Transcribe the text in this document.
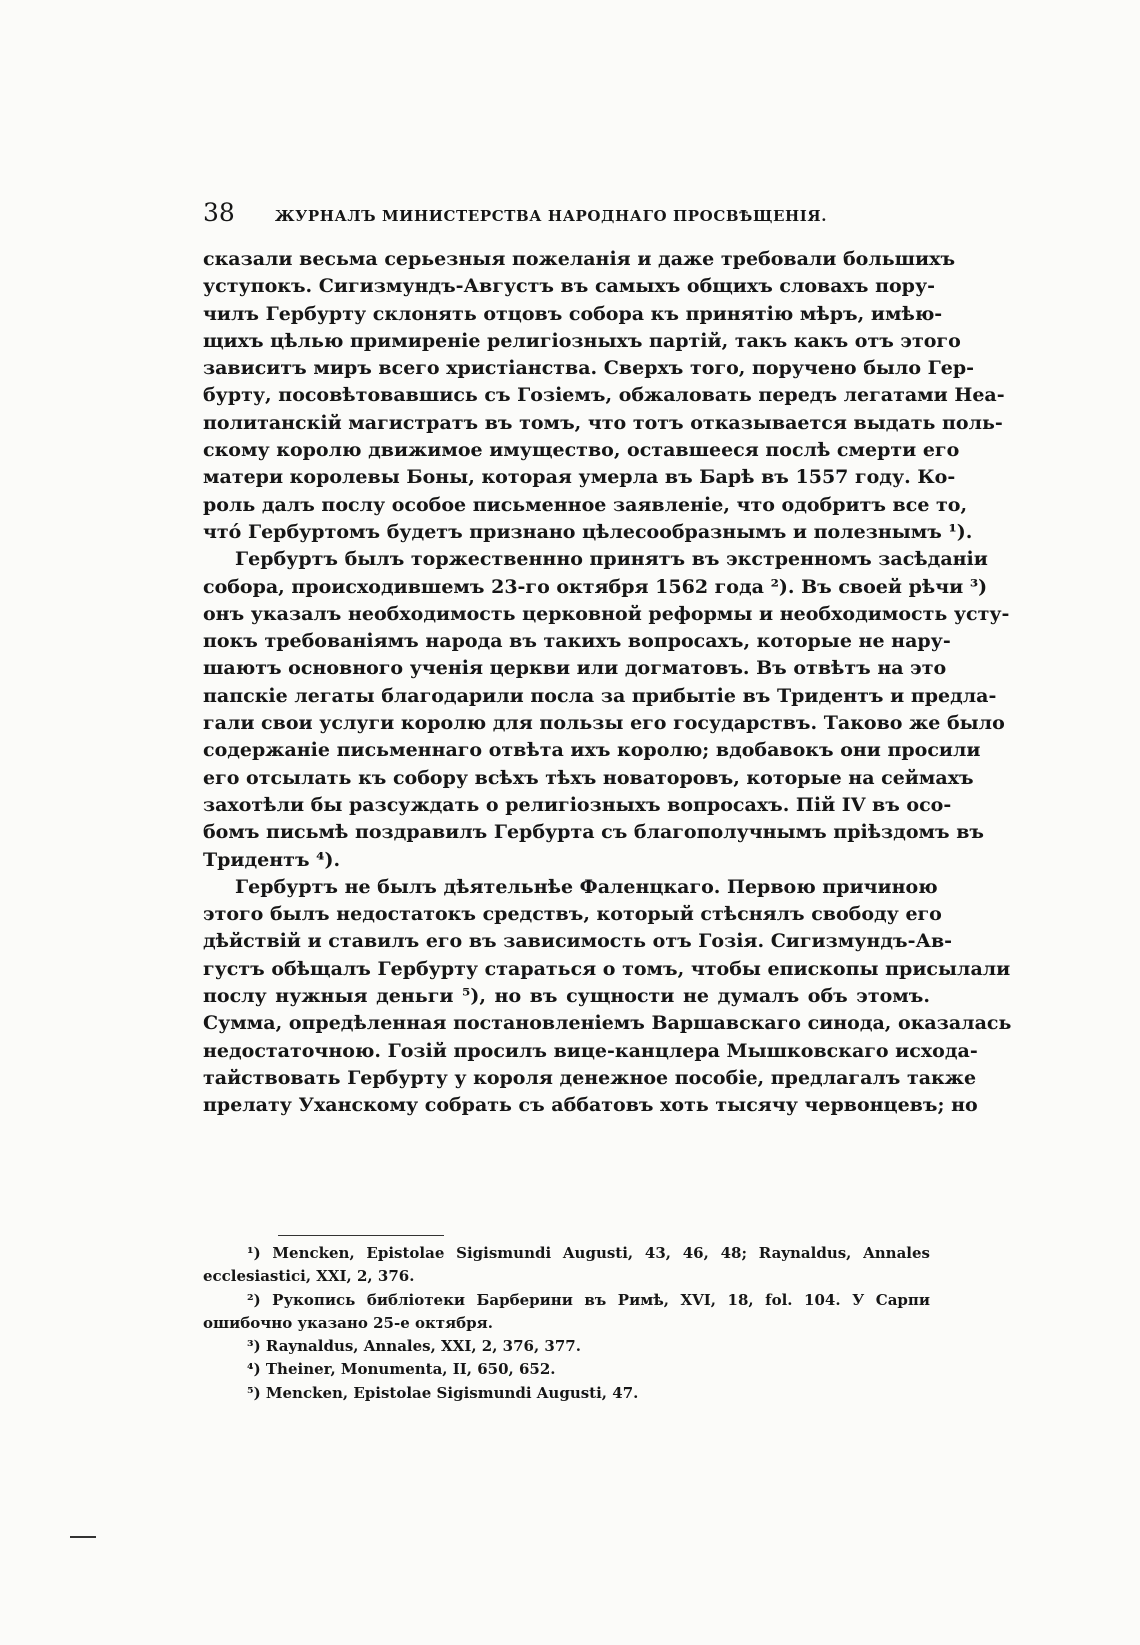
38	ЖУРНАЛЪ МИНИСТЕРСТВА НАРОДНАГО ПРОСВѢЩЕНІЯ.
сказали весьма серьезныя пожеланія и даже требовали большихъ
уступокъ. Сигизмундъ-Августъ въ самыхъ общихъ словахъ пору-
чилъ Гербурту склонять отцовъ собора къ принятію мѣръ, имѣю-
щихъ цѣлью примиреніе религіозныхъ партій, такъ какъ отъ этого
зависитъ миръ всего христіанства. Сверхъ того, поручено было Гер-
бурту, посовѣтовавшись съ Гозіемъ, обжаловать передъ легатами Неа-
политанскій магистратъ въ томъ, что тотъ отказывается выдать поль-
скому королю движимое имущество, оставшееся послѣ смерти его
матери королевы Боны, которая умерла въ Барѣ въ 1557 году. Ко-
роль далъ послу особое письменное заявленіе, что одобритъ все то,
что́ Гербуртомъ будетъ признано цѣлесообразнымъ и полезнымъ ¹).
Гербуртъ былъ торжественнно принятъ въ экстренномъ засѣданіи
собора, происходившемъ 23-го октября 1562 года ²). Въ своей рѣчи ³)
онъ указалъ необходимость церковной реформы и необходимость усту-
покъ требованіямъ народа въ такихъ вопросахъ, которые не нару-
шаютъ основного ученія церкви или догматовъ. Въ отвѣтъ на это
папскіе легаты благодарили посла за прибытіе въ Тридентъ и предла-
гали свои услуги королю для пользы его государствъ. Таково же было
содержаніе письменнаго отвѣта ихъ королю; вдобавокъ они просили
его отсылать къ собору всѣхъ тѣхъ новаторовъ, которые на сеймахъ
захотѣли бы разсуждать о религіозныхъ вопросахъ. Пій IV въ осо-
бомъ письмѣ поздравилъ Гербурта съ благополучнымъ пріѣздомъ въ
Тридентъ ⁴).
Гербуртъ не былъ дѣятельнѣе Фаленцкаго. Первою причиною
этого былъ недостатокъ средствъ, который стѣснялъ свободу его
дѣйствій и ставилъ его въ зависимость отъ Гозія. Сигизмундъ-Ав-
густъ обѣщалъ Гербурту стараться о томъ, чтобы епископы присылали
послу нужныя деньги ⁵), но въ сущности не думалъ объ этомъ.
Сумма, опредѣленная постановленіемъ Варшавскаго синода, оказалась
недостаточною. Гозій просилъ вице-канцлера Мышковскаго исхода-
тайствовать Гербурту у короля денежное пособіе, предлагалъ также
прелату Уханскому собрать съ аббатовъ хоть тысячу червонцевъ; но
¹) Mencken, Epistolae Sigismundi Augusti, 43, 46, 48; Raynaldus, Annales
ecclesiastici, XXI, 2, 376.
²) Рукопись библіотеки Барберини въ Римѣ, XVI, 18, fol. 104. У Сарпи
ошибочно указано 25-е октября.
³) Raynaldus, Annales, XXI, 2, 376, 377.
⁴) Theiner, Monumenta, II, 650, 652.
⁵) Mencken, Epistolae Sigismundi Augusti, 47.
